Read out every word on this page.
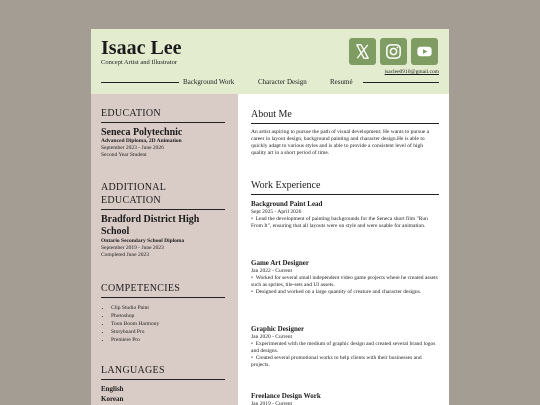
Isaac Lee
Concept Artist and Illustrator
isaclee0910@gmail.com
Background Work	Character Design	Resumé
EDUCATION
Seneca Polytechnic
Advanced Diploma, 2D Animation
September 2023 - June 2026
Second Year Student
ADDITIONAL
EDUCATION
Bradford District High School
Ontario Secondary School Diploma
September 2019 - June 2023
Completed June 2023
COMPETENCIES
• Clip Studio Paint
• Photoshop
• Toon Boom Harmony
• Storyboard Pro
• Premiere Pro
LANGUAGES
English
Korean
About Me
An artist aspiring to pursue the path of visual development; He wants to pursue a career in layout design, background painting and character design.He is able to quickly adapt to various styles and is able to provide a consistent level of high quality art in a short period of time.
Work Experience
Background Paint Lead
Sept 2025 - April 2026
•  Lead the development of painting backgrounds for the Seneca short film "Run From It", ensuring that all layouts were on style and were usable for animation.
Game Art Designer
Jan 2022 - Current
•  Worked for several small independent video game projects where he created assets such as sprites, tile-sets and UI assets.
•  Designed and worked on a large quantity of creature and character designs.
Graphic Designer
Jan 2020 - Current
•  Experimented with the medium of graphic design and created several brand logos and designs.
•  Created several promotional works to help clients with their businesses and projects.
Freelance Design Work
Jan 2019 - Current
